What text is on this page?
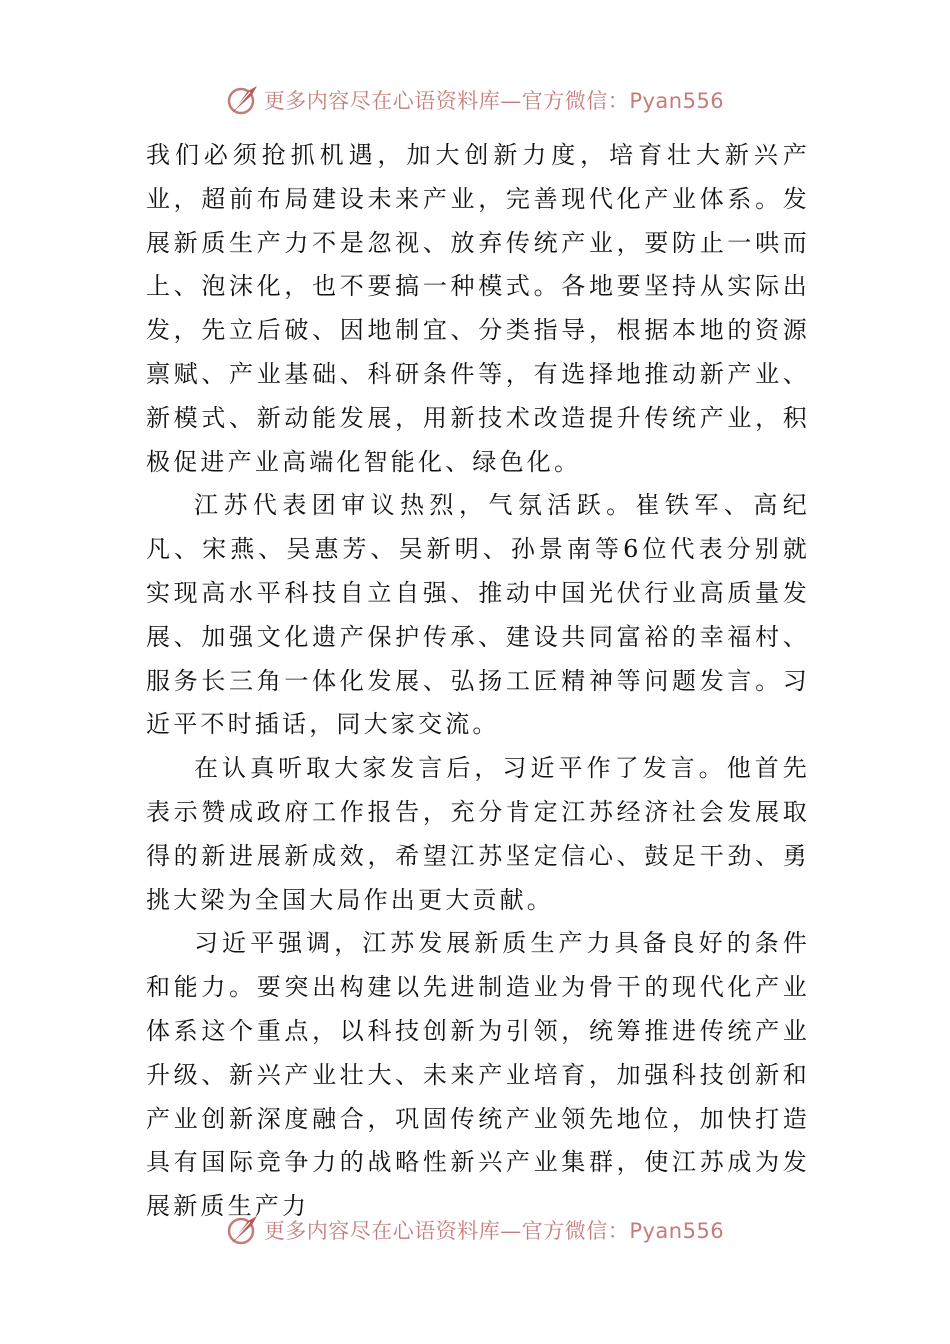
更多内容尽在心语资料库—官方微信：Pyan556

我们必须抢抓机遇，加大创新力度，培育壮大新兴产业，超前布局建设未来产业，完善现代化产业体系。发展新质生产力不是忽视、放弃传统产业，要防止一哄而上、泡沫化，也不要搞一种模式。各地要坚持从实际出发，先立后破、因地制宜、分类指导，根据本地的资源禀赋、产业基础、科研条件等，有选择地推动新产业、新模式、新动能发展，用新技术改造提升传统产业，积极促进产业高端化智能化、绿色化。

江苏代表团审议热烈，气氛活跃。崔铁军、高纪凡、宋燕、吴惠芳、吴新明、孙景南等6位代表分别就实现高水平科技自立自强、推动中国光伏行业高质量发展、加强文化遗产保护传承、建设共同富裕的幸福村、服务长三角一体化发展、弘扬工匠精神等问题发言。习近平不时插话，同大家交流。

在认真听取大家发言后，习近平作了发言。他首先表示赞成政府工作报告，充分肯定江苏经济社会发展取得的新进展新成效，希望江苏坚定信心、鼓足干劲、勇挑大梁为全国大局作出更大贡献。

习近平强调，江苏发展新质生产力具备良好的条件和能力。要突出构建以先进制造业为骨干的现代化产业体系这个重点，以科技创新为引领，统筹推进传统产业升级、新兴产业壮大、未来产业培育，加强科技创新和产业创新深度融合，巩固传统产业领先地位，加快打造具有国际竞争力的战略性新兴产业集群，使江苏成为发展新质生产力

更多内容尽在心语资料库—官方微信：Pyan556
